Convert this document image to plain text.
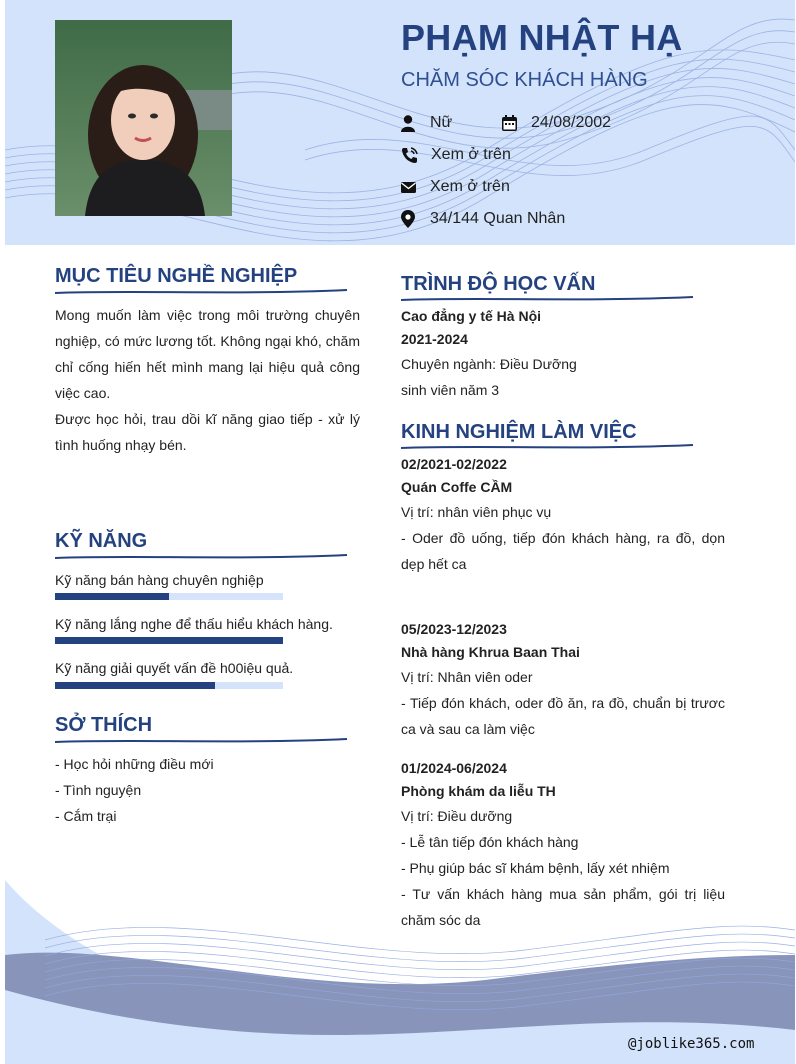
PHẠM NHẬT HẠ
CHĂM SÓC KHÁCH HÀNG
Nữ	24/08/2002
Xem ở trên
Xem ở trên
34/144 Quan Nhân
MỤC TIÊU NGHỀ NGHIỆP
Mong muốn làm việc trong môi trường chuyên nghiệp, có mức lương tốt. Không ngại khó, chăm chỉ cống hiến hết mình mang lại hiệu quả công việc cao.
Được học hỏi, trau dồi kĩ năng giao tiếp - xử lý tình huống nhạy bén.
KỸ NĂNG
Kỹ năng bán hàng chuyên nghiệp
Kỹ năng lắng nghe để thấu hiểu khách hàng.
Kỹ năng giải quyết vấn đề h00iệu quả.
SỞ THÍCH
- Học hỏi những điều mới
- Tình nguyện
- Cắm trại
TRÌNH ĐỘ HỌC VẤN
Cao đẳng y tế Hà Nội
2021-2024
Chuyên ngành: Điều Dưỡng
sinh viên năm 3
KINH NGHIỆM LÀM VIỆC
02/2021-02/2022
Quán Coffe CẦM
Vị trí: nhân viên phục vụ
- Oder đồ uống, tiếp đón khách hàng, ra đồ, dọn dẹp hết ca
05/2023-12/2023
Nhà hàng Khrua Baan Thai
Vị trí: Nhân viên oder
- Tiếp đón khách, oder đồ ăn, ra đồ, chuẩn bị trươc ca và sau ca làm việc
01/2024-06/2024
Phòng khám da liễu TH
Vị trí: Điều dưỡng
- Lễ tân tiếp đón khách hàng
- Phụ giúp bác sĩ khám bệnh, lấy xét nhiệm
- Tư vấn khách hàng mua sản phẩm, gói trị liệu chăm sóc da
@joblike365.com
